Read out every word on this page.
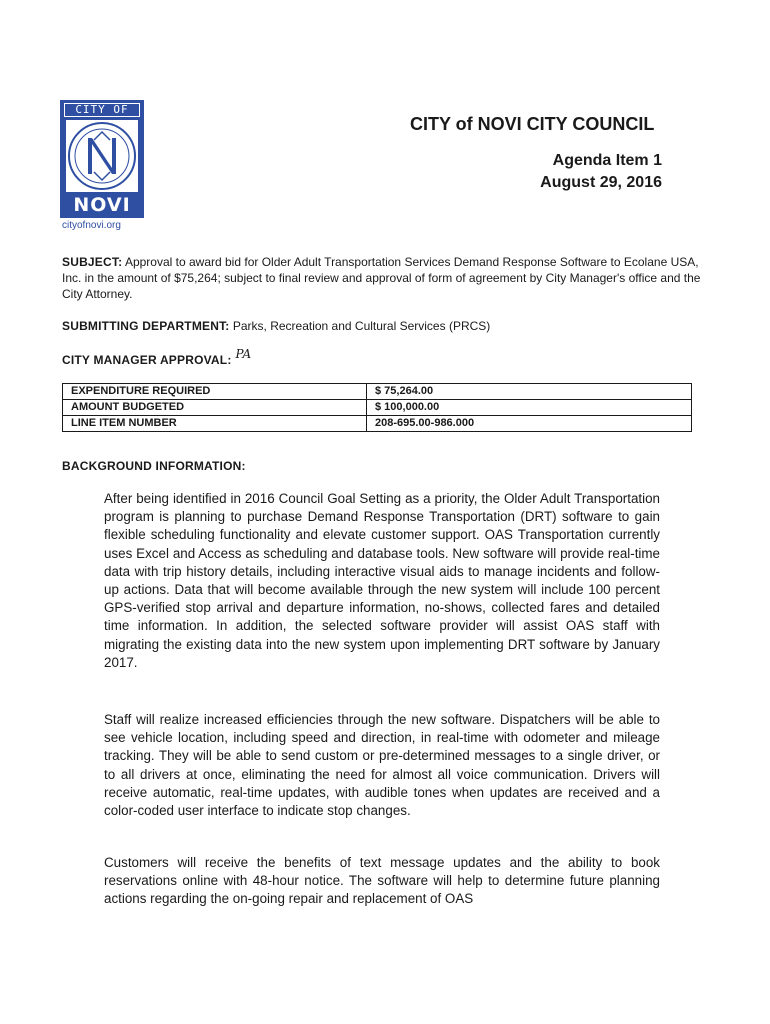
CITY OF
NOVI
cityofnovi.org
CITY of NOVI CITY COUNCIL
Agenda Item 1
August 29, 2016
SUBJECT: Approval to award bid for Older Adult Transportation Services Demand Response Software to Ecolane USA, Inc. in the amount of $75,264; subject to final review and approval of form of agreement by City Manager's office and the City Attorney.
SUBMITTING DEPARTMENT: Parks, Recreation and Cultural Services (PRCS)
CITY MANAGER APPROVAL: PA
EXPENDITURE REQUIRED	$ 75,264.00
AMOUNT BUDGETED	$ 100,000.00
LINE ITEM NUMBER	208-695.00-986.000
BACKGROUND INFORMATION:
After being identified in 2016 Council Goal Setting as a priority, the Older Adult Transportation program is planning to purchase Demand Response Transportation (DRT) software to gain flexible scheduling functionality and elevate customer support. OAS Transportation currently uses Excel and Access as scheduling and database tools. New software will provide real-time data with trip history details, including interactive visual aids to manage incidents and follow-up actions. Data that will become available through the new system will include 100 percent GPS-verified stop arrival and departure information, no-shows, collected fares and detailed time information. In addition, the selected software provider will assist OAS staff with migrating the existing data into the new system upon implementing DRT software by January 2017.
Staff will realize increased efficiencies through the new software. Dispatchers will be able to see vehicle location, including speed and direction, in real-time with odometer and mileage tracking. They will be able to send custom or pre-determined messages to a single driver, or to all drivers at once, eliminating the need for almost all voice communication. Drivers will receive automatic, real-time updates, with audible tones when updates are received and a color-coded user interface to indicate stop changes.
Customers will receive the benefits of text message updates and the ability to book reservations online with 48-hour notice. The software will help to determine future planning actions regarding the on-going repair and replacement of OAS
